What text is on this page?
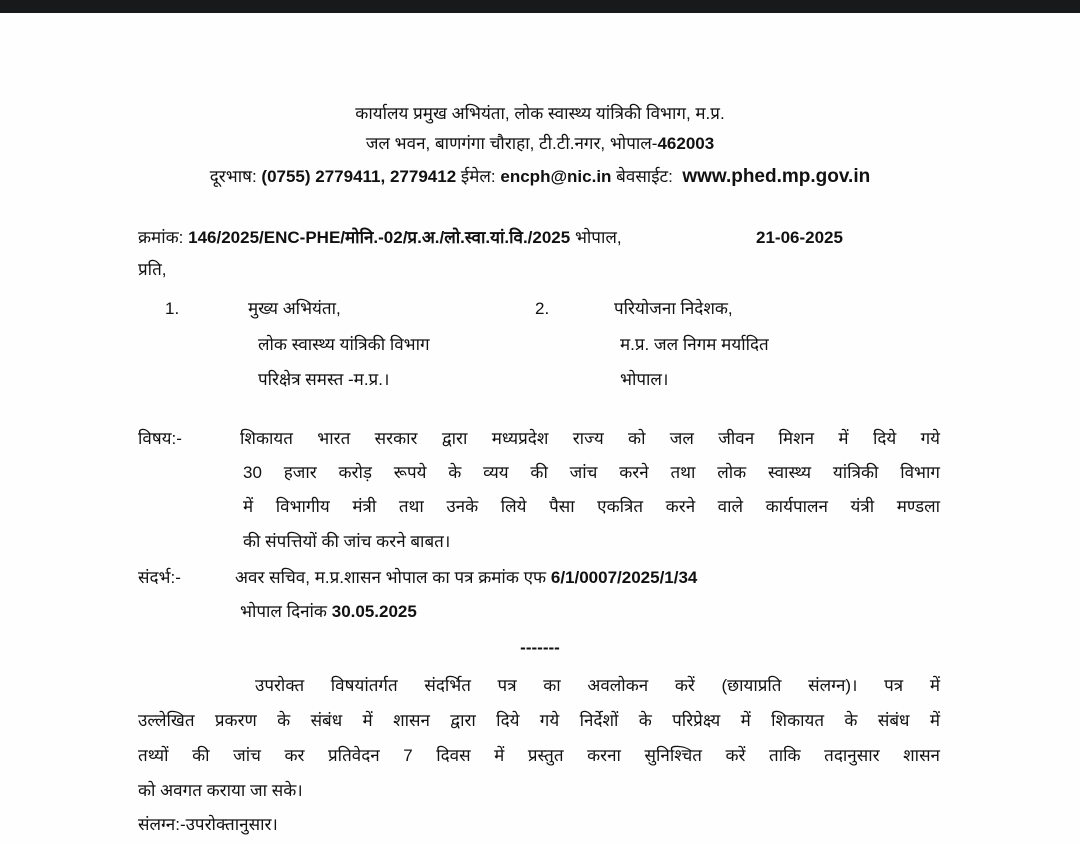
कार्यालय प्रमुख अभियंता, लोक स्वास्थ्य यांत्रिकी विभाग, म.प्र.
जल भवन, बाणगंगा चौराहा, टी.टी.नगर, भोपाल-462003
दूरभाष: (0755) 2779411, 2779412 ईमेल: encph@nic.in बेवसाईट: www.phed.mp.gov.in
क्रमांक: 146/2025/ENC-PHE/मोनि.-02/प्र.अ./लो.स्वा.यां.वि./2025 भोपाल,	21-06-2025
प्रति,
1.	मुख्य अभियंता,
लोक स्वास्थ्य यांत्रिकी विभाग
परिक्षेत्र समस्त -म.प्र.।
2.	परियोजना निदेशक,
म.प्र. जल निगम मर्यादित
भोपाल।
विषय:-	शिकायत भारत सरकार द्वारा मध्यप्रदेश राज्य को जल जीवन मिशन में दिये गये
30 हजार करोड़ रूपये के व्यय की जांच करने तथा लोक स्वास्थ्य यांत्रिकी विभाग
में विभागीय मंत्री तथा उनके लिये पैसा एकत्रित करने वाले कार्यपालन यंत्री मण्डला
की संपत्तियों की जांच करने बाबत।
संदर्भ:-	अवर सचिव, म.प्र.शासन भोपाल का पत्र क्रमांक एफ 6/1/0007/2025/1/34
भोपाल दिनांक 30.05.2025
-------
उपरोक्त विषयांतर्गत संदर्भित पत्र का अवलोकन करें (छायाप्रति संलग्न)। पत्र में
उल्लेखित प्रकरण के संबंध में शासन द्वारा दिये गये निर्देशों के परिप्रेक्ष्य में शिकायत के संबंध में
तथ्यों की जांच कर प्रतिवेदन 7 दिवस में प्रस्तुत करना सुनिश्चित करें ताकि तदानुसार शासन
को अवगत कराया जा सके।
संलग्न:-उपरोक्तानुसार।
